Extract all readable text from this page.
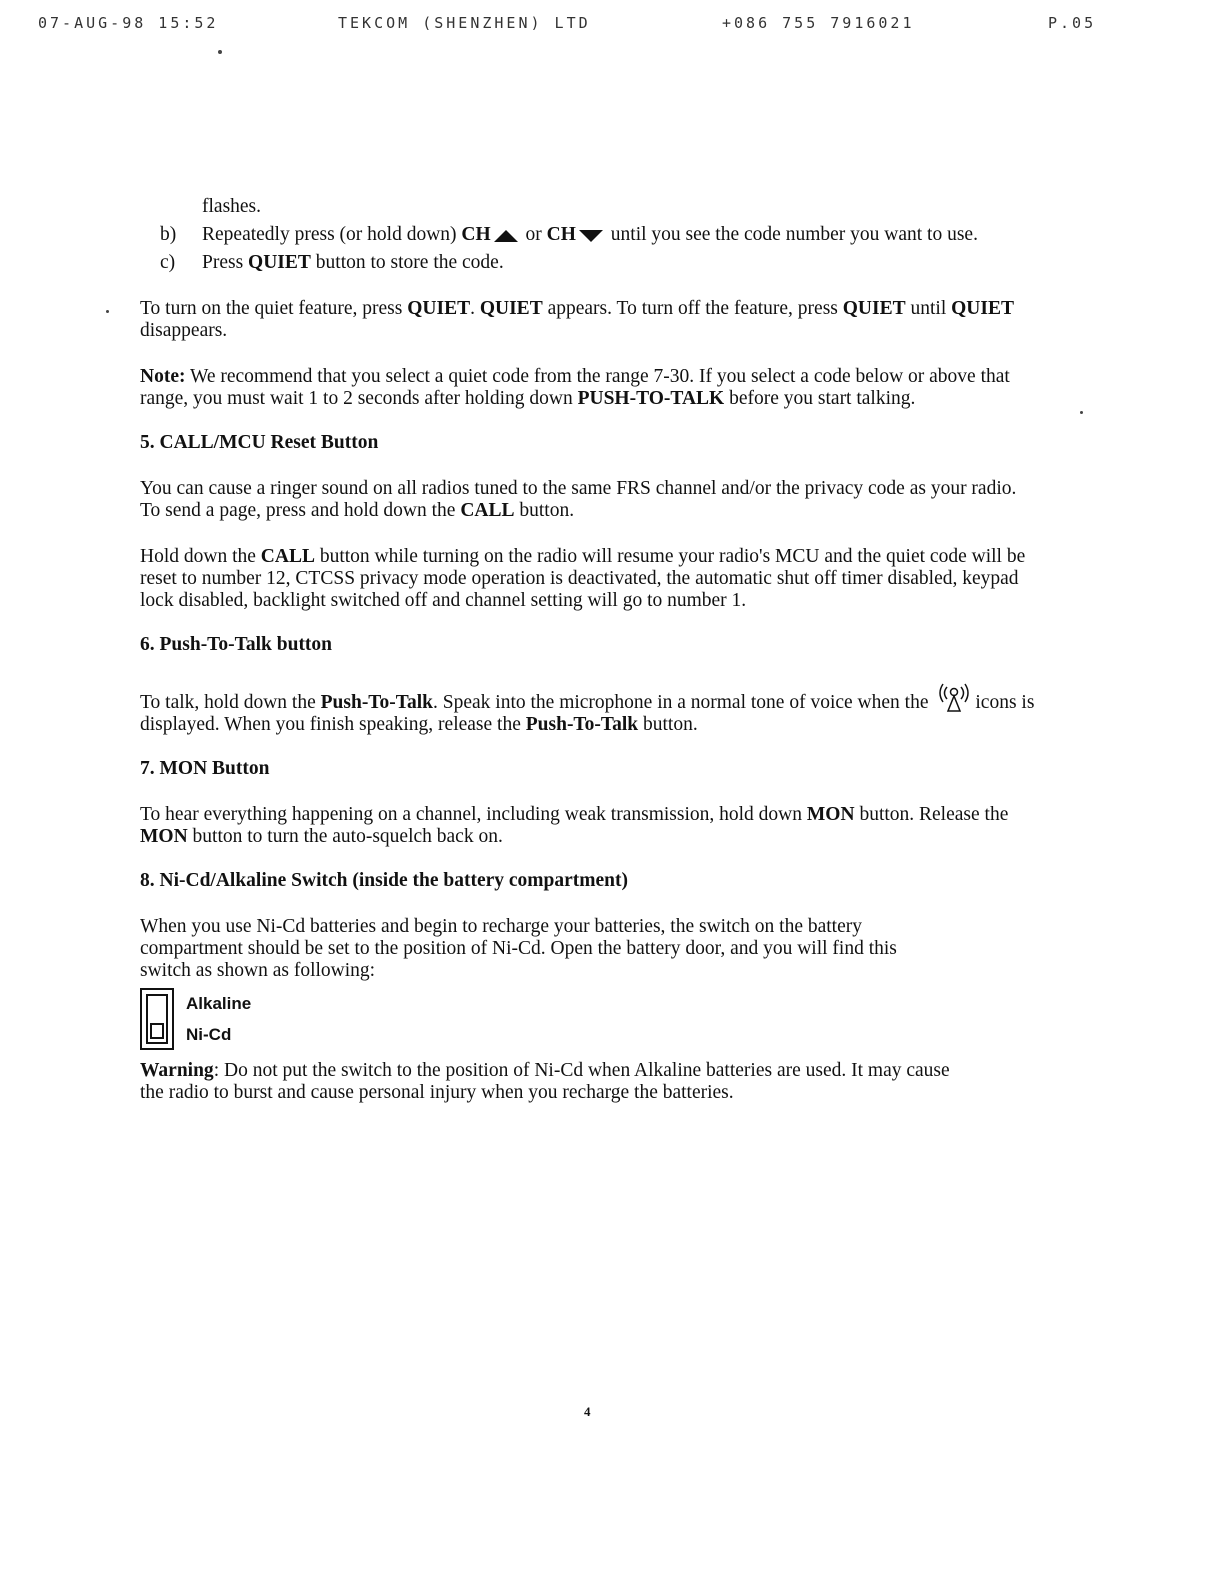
07-AUG-98 15:52	TEKCOM (SHENZHEN) LTD	+086 755 7916021	P.05

flashes.

b) Repeatedly press (or hold down) CH or CH until you see the code number you want to use.

c) Press QUIET button to store the code.

To turn on the quiet feature, press QUIET. QUIET appears. To turn off the feature, press QUIET until QUIET disappears.

Note: We recommend that you select a quiet code from the range 7-30. If you select a code below or above that range, you must wait 1 to 2 seconds after holding down PUSH-TO-TALK before you start talking.

5. CALL/MCU Reset Button

You can cause a ringer sound on all radios tuned to the same FRS channel and/or the privacy code as your radio. To send a page, press and hold down the CALL button.

Hold down the CALL button while turning on the radio will resume your radio's MCU and the quiet code will be reset to number 12, CTCSS privacy mode operation is deactivated, the automatic shut off timer disabled, keypad lock disabled, backlight switched off and channel setting will go to number 1.

6. Push-To-Talk button

To talk, hold down the Push-To-Talk. Speak into the microphone in a normal tone of voice when the icons is displayed. When you finish speaking, release the Push-To-Talk button.

7. MON Button

To hear everything happening on a channel, including weak transmission, hold down MON button. Release the MON button to turn the auto-squelch back on.

8. Ni-Cd/Alkaline Switch (inside the battery compartment)

When you use Ni-Cd batteries and begin to recharge your batteries, the switch on the battery compartment should be set to the position of Ni-Cd. Open the battery door, and you will find this switch as shown as following:

Alkaline
Ni-Cd

Warning: Do not put the switch to the position of Ni-Cd when Alkaline batteries are used. It may cause the radio to burst and cause personal injury when you recharge the batteries.

4
